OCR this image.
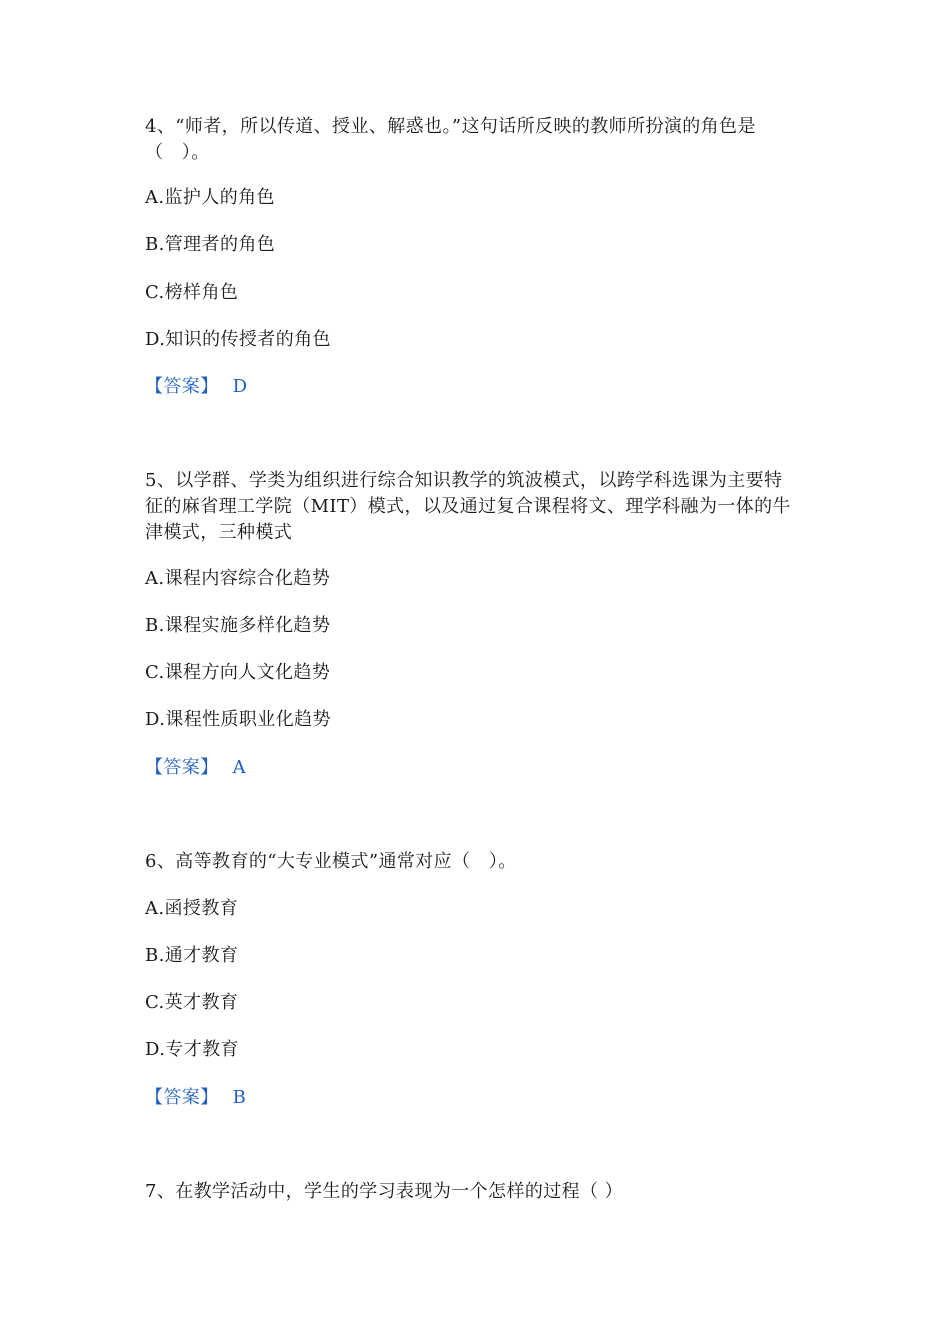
4、“师者，所以传道、授业、解惑也。”这句话所反映的教师所扮演的角色是
（　）。
A.监护人的角色
B.管理者的角色
C.榜样角色
D.知识的传授者的角色
【答案】 D
5、以学群、学类为组织进行综合知识教学的筑波模式，以跨学科选课为主要特
征的麻省理工学院（MIT）模式，以及通过复合课程将文、理学科融为一体的牛
津模式，三种模式
A.课程内容综合化趋势
B.课程实施多样化趋势
C.课程方向人文化趋势
D.课程性质职业化趋势
【答案】 A
6、高等教育的“大专业模式”通常对应（　）。
A.函授教育
B.通才教育
C.英才教育
D.专才教育
【答案】 B
7、在教学活动中，学生的学习表现为一个怎样的过程（ ）
